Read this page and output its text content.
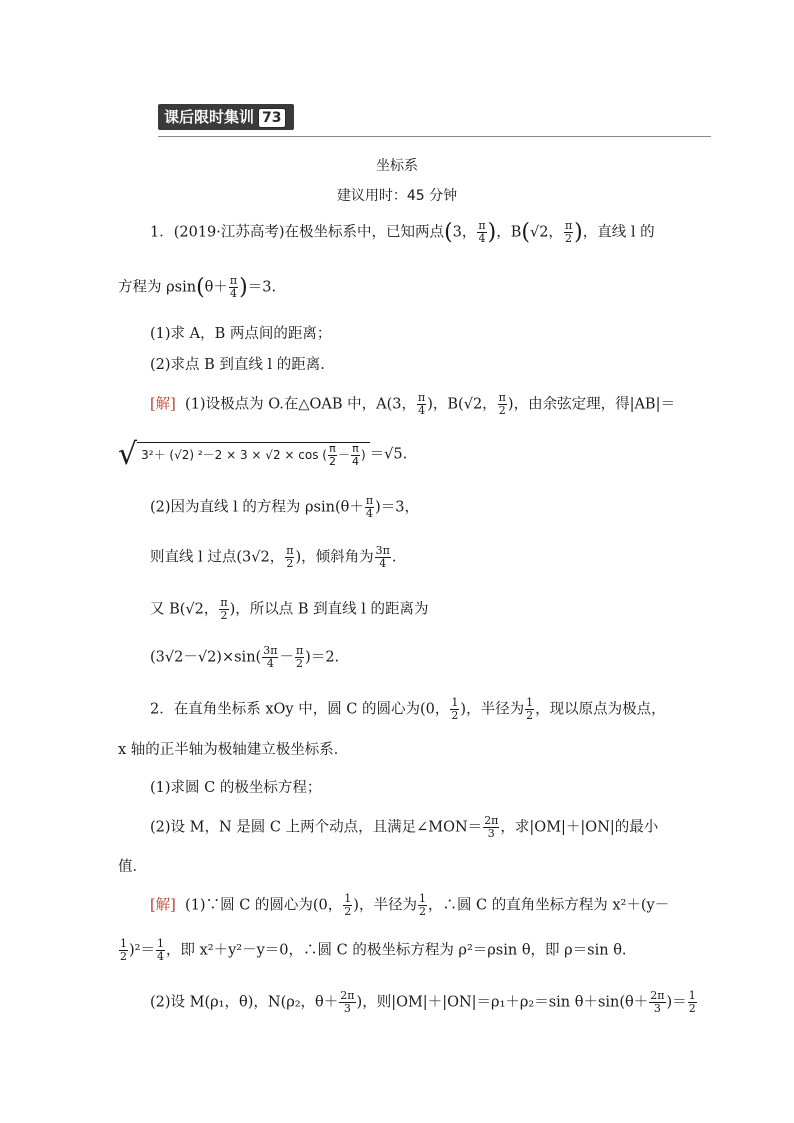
课后限时集训 73
坐标系
建议用时：45 分钟
1．(2019·江苏高考)在极坐标系中，已知两点(3， $\frac{\pi}{4}$ )，B(√2， $\frac{\pi}{2}$ )，直线 l 的
方程为 $\rho\sin(\theta+ \frac{\pi}{4} )=3$.
(1)求 A，B 两点间的距离；
(2)求点 B 到直线 l 的距离.
[解] (1)设极点为 O.在△OAB 中，A(3， $\frac{\pi}{4}$ )，B(√2， $\frac{\pi}{2}$ )，由余弦定理，得|AB|＝
√ 3²＋ (√2) ²－2 × 3 × √2 × cos ( $\frac{\pi}{2} - \frac{\pi}{4}$ ) ＝√5.
(2)因为直线 l 的方程为 $\rho\sin(\theta+ \frac{\pi}{4} )=3$，
则直线 l 过点(3√2， $\frac{\pi}{2}$ )，倾斜角为 $\frac{3\pi}{4}$ .
又 B(√2， $\frac{\pi}{2}$ )，所以点 B 到直线 l 的距离为
$(3√2-√2)\times\sin( \frac{3\pi}{4} - \frac{\pi}{2} )=2$.
2．在直角坐标系 xOy 中，圆 C 的圆心为(0， $\frac{1}{2}$ )，半径为 $\frac{1}{2}$ ，现以原点为极点，
x 轴的正半轴为极轴建立极坐标系．
(1)求圆 C 的极坐标方程；
(2)设 M，N 是圆 C 上两个动点，且满足∠MON＝ $\frac{2\pi}{3}$ ，求|OM|＋|ON|的最小
值．
[解] (1)∵圆 C 的圆心为(0， $\frac{1}{2}$ )，半径为 $\frac{1}{2}$ ，∴圆 C 的直角坐标方程为 x²＋(y－
$\frac{1}{2} )^2= \frac{1}{4}$ ，即 x²＋y²－y＝0，∴圆 C 的极坐标方程为 ρ²＝ρsin θ，即 ρ＝sin θ.
(2)设 M(ρ₁，θ)，N(ρ₂，$\theta+ \frac{2\pi}{3}$ )，则|OM|＋|ON|＝ρ₁＋ρ₂＝sin $\theta+\sin(\theta+ \frac{2\pi}{3}$ )＝ $\frac{1}{2}$
